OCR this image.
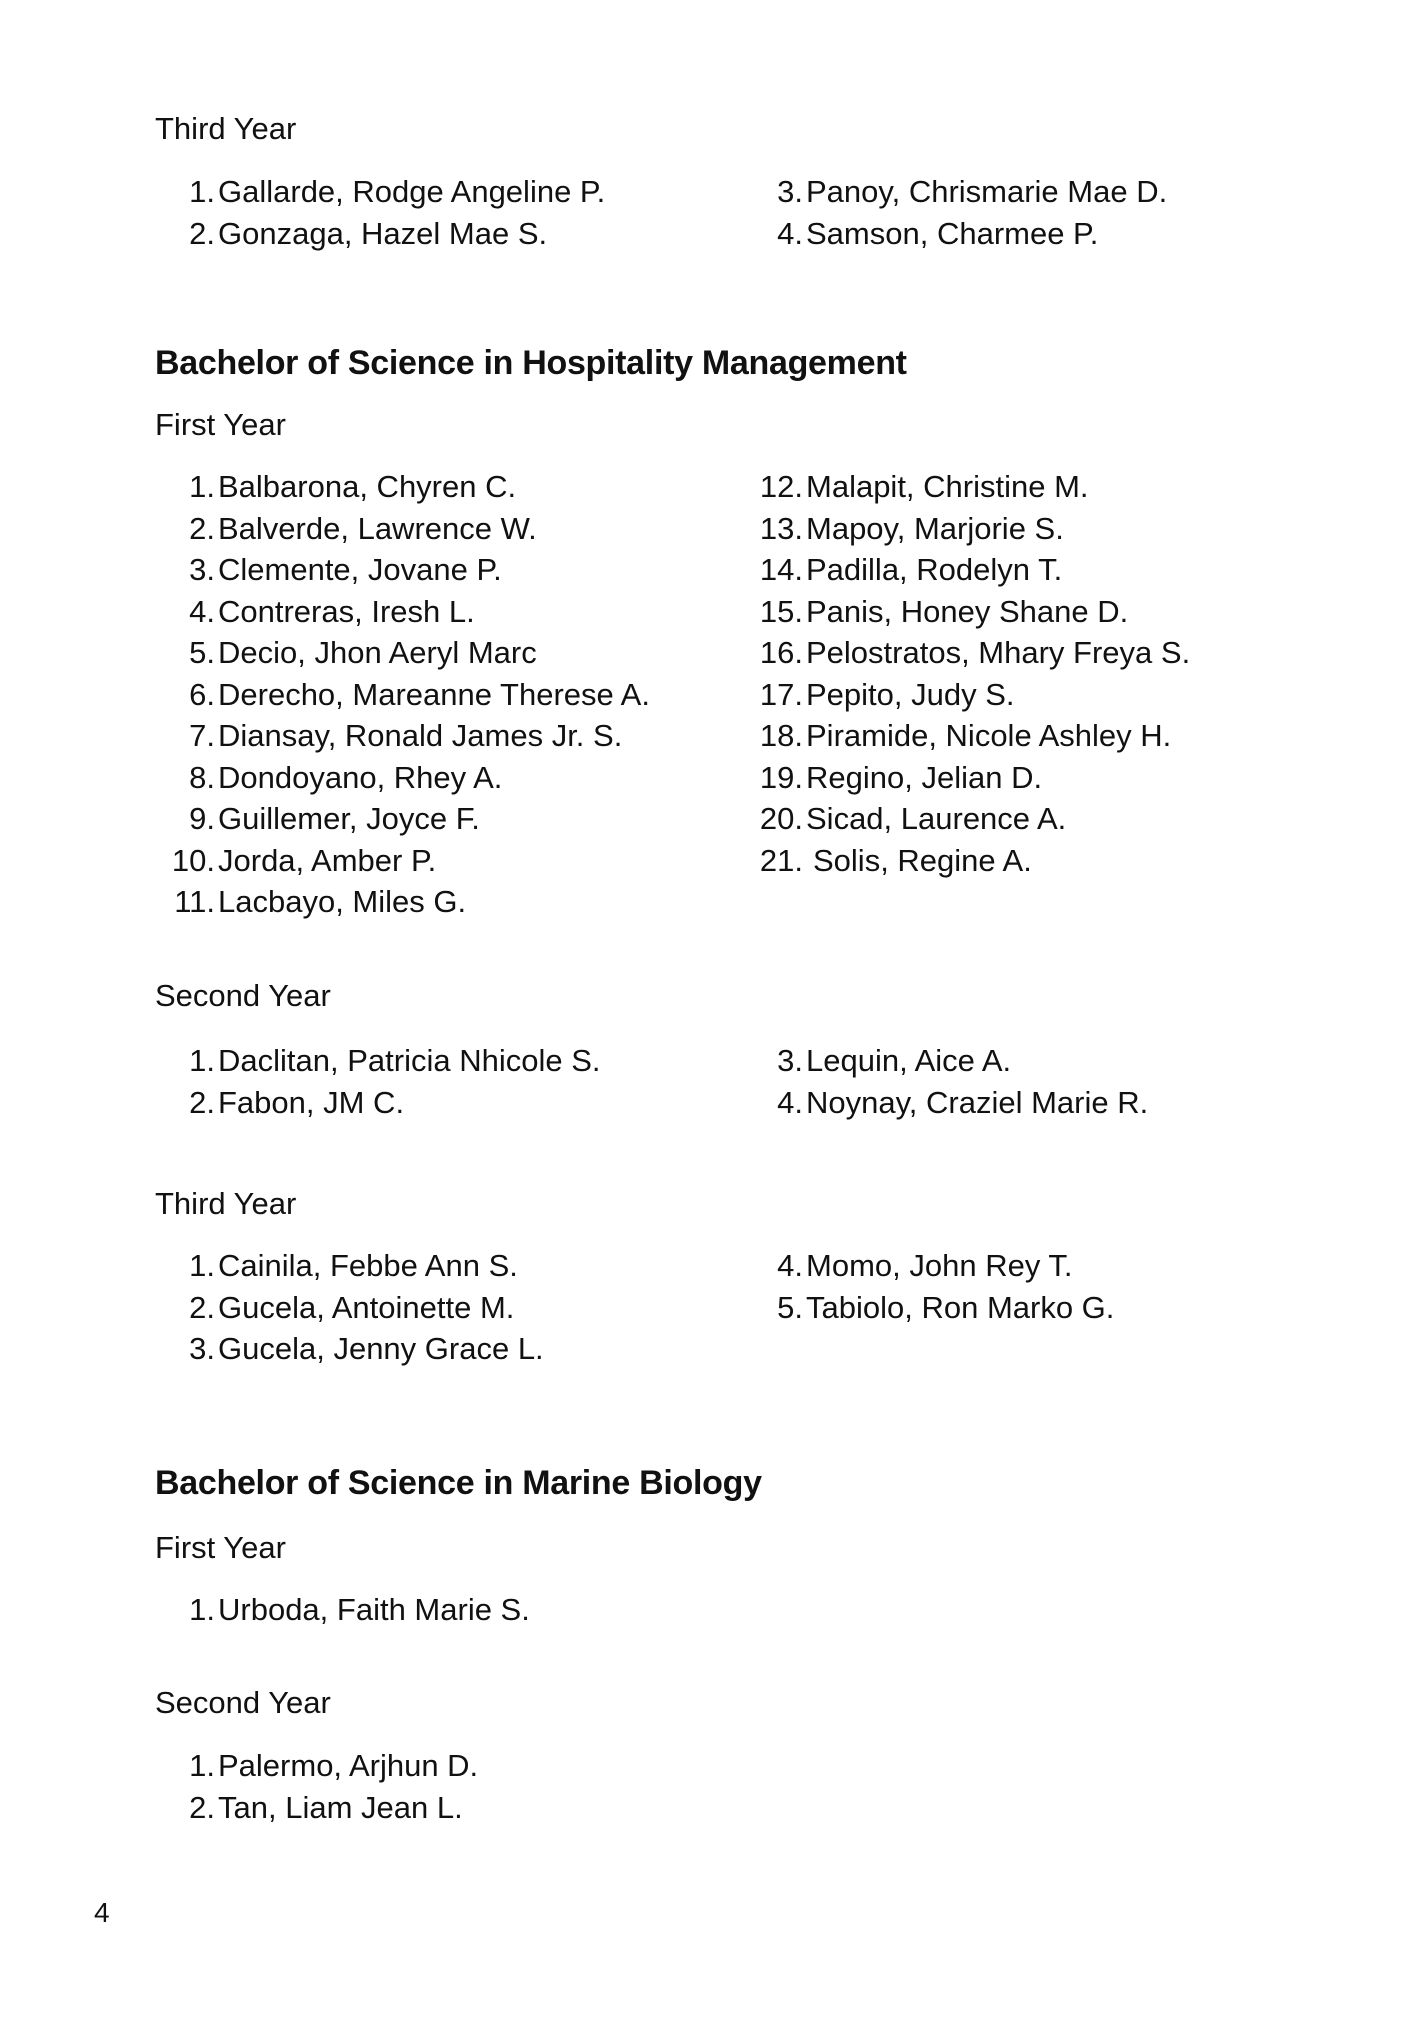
Third Year

1. Gallarde, Rodge Angeline P.
2. Gonzaga, Hazel Mae S.
3. Panoy, Chrismarie Mae D.
4. Samson, Charmee P.
Bachelor of Science in Hospitality Management

First Year

1. Balbarona, Chyren C.
2. Balverde, Lawrence W.
3. Clemente, Jovane P.
4. Contreras, Iresh L.
5. Decio, Jhon Aeryl Marc
6. Derecho, Mareanne Therese A.
7. Diansay, Ronald James Jr. S.
8. Dondoyano, Rhey A.
9. Guillemer, Joyce F.
10. Jorda, Amber P.
11. Lacbayo, Miles G.
12. Malapit, Christine M.
13. Mapoy, Marjorie S.
14. Padilla, Rodelyn T.
15. Panis, Honey Shane D.
16. Pelostratos, Mhary Freya S.
17. Pepito, Judy S.
18. Piramide, Nicole Ashley H.
19. Regino, Jelian D.
20. Sicad, Laurence A.
21. Solis, Regine A.

Second Year

1. Daclitan, Patricia Nhicole S.
2. Fabon, JM C.
3. Lequin, Aice A.
4. Noynay, Craziel Marie R.

Third Year

1. Cainila, Febbe Ann S.
2. Gucela, Antoinette M.
3. Gucela, Jenny Grace L.
4. Momo, John Rey T.
5. Tabiolo, Ron Marko G.
Bachelor of Science in Marine Biology

First Year

1. Urboda, Faith Marie S.

Second Year

1. Palermo, Arjhun D.
2. Tan, Liam Jean L.

4
